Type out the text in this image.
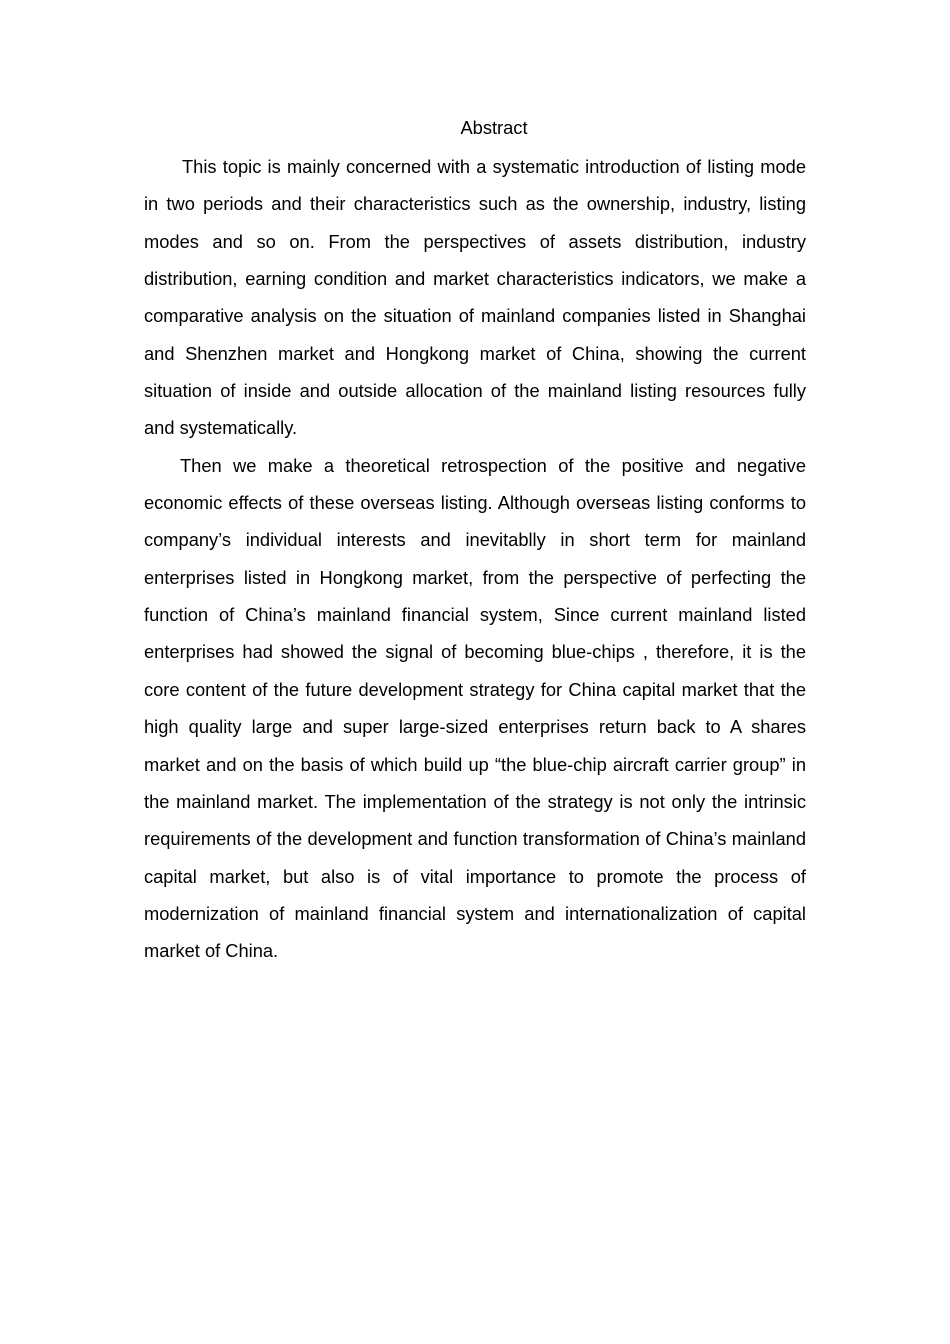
Abstract

This topic is mainly concerned with a systematic introduction of listing mode in two periods and their characteristics such as the ownership, industry, listing modes and so on. From the perspectives of assets distribution, industry distribution, earning condition and market characteristics indicators, we make a comparative analysis on the situation of mainland companies listed in Shanghai and Shenzhen market and Hongkong market of China, showing the current situation of inside and outside allocation of the mainland listing resources fully and systematically.

Then we make a theoretical retrospection of the positive and negative economic effects of these overseas listing. Although overseas listing conforms to company’s individual interests and inevitablly in short term for mainland enterprises listed in Hongkong market, from the perspective of perfecting the function of China’s mainland financial system, Since current mainland listed enterprises had showed the signal of becoming blue-chips , therefore, it is the core content of the future development strategy for China capital market that the high quality large and super large-sized enterprises return back to A shares market and on the basis of which build up “the blue-chip aircraft carrier group” in the mainland market. The implementation of the strategy is not only the intrinsic requirements of the development and function transformation of China’s mainland capital market, but also is of vital importance to promote the process of modernization of mainland financial system and internationalization of capital market of China.
